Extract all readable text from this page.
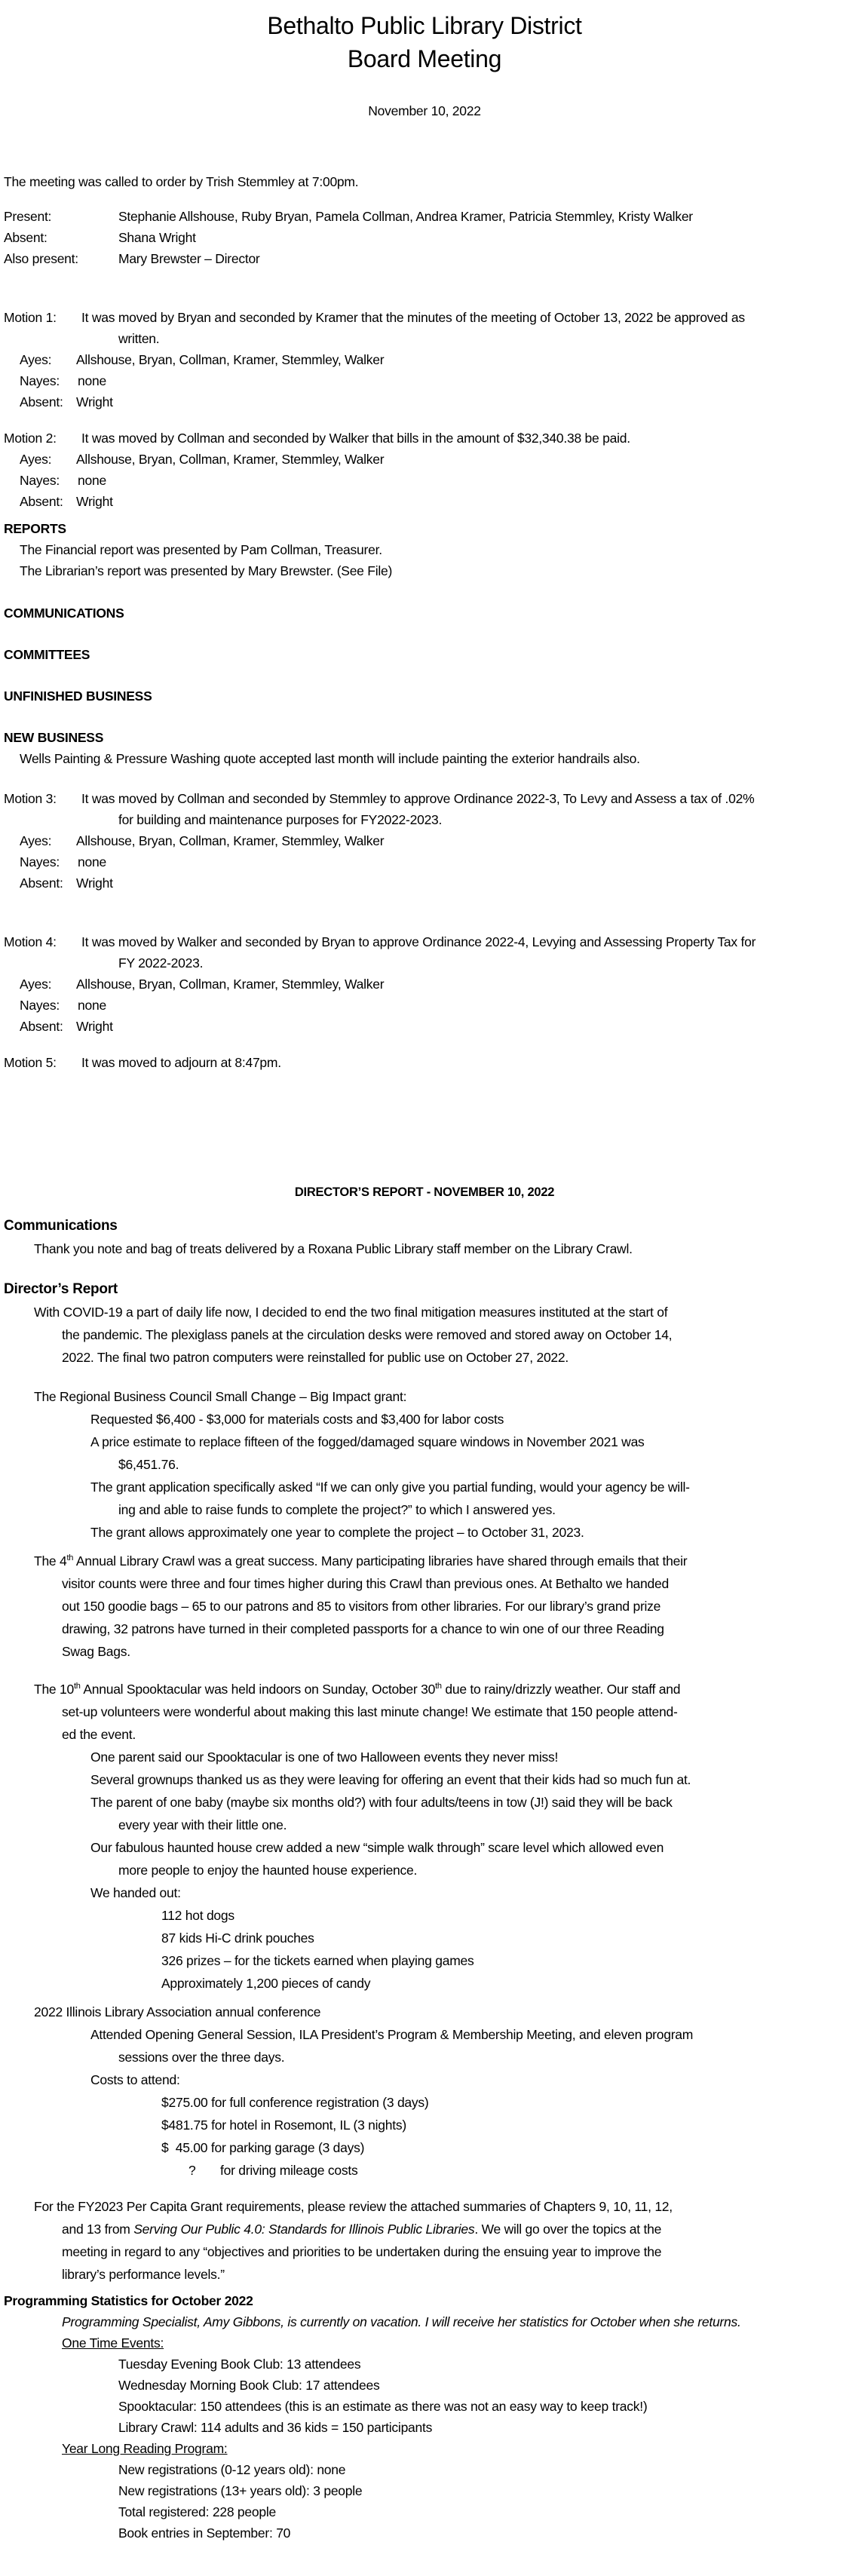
Bethalto Public Library District
Board Meeting
November 10, 2022
The meeting was called to order by Trish Stemmley at 7:00pm.
Present:	Stephanie Allshouse, Ruby Bryan, Pamela Collman, Andrea Kramer, Patricia Stemmley, Kristy Walker
Absent:	Shana Wright
Also present:	Mary Brewster – Director
Motion 1: It was moved by Bryan and seconded by Kramer that the minutes of the meeting of October 13, 2022 be approved as
written.
Ayes: Allshouse, Bryan, Collman, Kramer, Stemmley, Walker
Nayes: none
Absent: Wright
Motion 2: It was moved by Collman and seconded by Walker that bills in the amount of $32,340.38 be paid.
Ayes: Allshouse, Bryan, Collman, Kramer, Stemmley, Walker
Nayes: none
Absent: Wright
REPORTS
The Financial report was presented by Pam Collman, Treasurer.
The Librarian’s report was presented by Mary Brewster. (See File)
COMMUNICATIONS
COMMITTEES
UNFINISHED BUSINESS
NEW BUSINESS
Wells Painting & Pressure Washing quote accepted last month will include painting the exterior handrails also.
Motion 3: It was moved by Collman and seconded by Stemmley to approve Ordinance 2022-3, To Levy and Assess a tax of .02%
for building and maintenance purposes for FY2022-2023.
Ayes: Allshouse, Bryan, Collman, Kramer, Stemmley, Walker
Nayes: none
Absent: Wright
Motion 4: It was moved by Walker and seconded by Bryan to approve Ordinance 2022-4, Levying and Assessing Property Tax for
FY 2022-2023.
Ayes: Allshouse, Bryan, Collman, Kramer, Stemmley, Walker
Nayes: none
Absent: Wright
Motion 5: It was moved to adjourn at 8:47pm.
DIRECTOR’S REPORT - NOVEMBER 10, 2022
Communications
Thank you note and bag of treats delivered by a Roxana Public Library staff member on the Library Crawl.
Director’s Report
With COVID-19 a part of daily life now, I decided to end the two final mitigation measures instituted at the start of
the pandemic. The plexiglass panels at the circulation desks were removed and stored away on October 14,
2022. The final two patron computers were reinstalled for public use on October 27, 2022.
The Regional Business Council Small Change – Big Impact grant:
Requested $6,400 - $3,000 for materials costs and $3,400 for labor costs
A price estimate to replace fifteen of the fogged/damaged square windows in November 2021 was
$6,451.76.
The grant application specifically asked “If we can only give you partial funding, would your agency be will-
ing and able to raise funds to complete the project?” to which I answered yes.
The grant allows approximately one year to complete the project – to October 31, 2023.
The 4th Annual Library Crawl was a great success. Many participating libraries have shared through emails that their
visitor counts were three and four times higher during this Crawl than previous ones. At Bethalto we handed
out 150 goodie bags – 65 to our patrons and 85 to visitors from other libraries. For our library’s grand prize
drawing, 32 patrons have turned in their completed passports for a chance to win one of our three Reading
Swag Bags.
The 10th Annual Spooktacular was held indoors on Sunday, October 30th due to rainy/drizzly weather. Our staff and
set-up volunteers were wonderful about making this last minute change! We estimate that 150 people attend-
ed the event.
One parent said our Spooktacular is one of two Halloween events they never miss!
Several grownups thanked us as they were leaving for offering an event that their kids had so much fun at.
The parent of one baby (maybe six months old?) with four adults/teens in tow (J!) said they will be back
every year with their little one.
Our fabulous haunted house crew added a new “simple walk through” scare level which allowed even
more people to enjoy the haunted house experience.
We handed out:
112 hot dogs
87 kids Hi-C drink pouches
326 prizes – for the tickets earned when playing games
Approximately 1,200 pieces of candy
2022 Illinois Library Association annual conference
Attended Opening General Session, ILA President’s Program & Membership Meeting, and eleven program
sessions over the three days.
Costs to attend:
$275.00 for full conference registration (3 days)
$481.75 for hotel in Rosemont, IL (3 nights)
$  45.00 for parking garage (3 days)
? for driving mileage costs
For the FY2023 Per Capita Grant requirements, please review the attached summaries of Chapters 9, 10, 11, 12,
and 13 from Serving Our Public 4.0: Standards for Illinois Public Libraries. We will go over the topics at the
meeting in regard to any “objectives and priorities to be undertaken during the ensuing year to improve the
library’s performance levels.”
Programming Statistics for October 2022
Programming Specialist, Amy Gibbons, is currently on vacation. I will receive her statistics for October when she returns.
One Time Events:
Tuesday Evening Book Club: 13 attendees
Wednesday Morning Book Club: 17 attendees
Spooktacular: 150 attendees (this is an estimate as there was not an easy way to keep track!)
Library Crawl: 114 adults and 36 kids = 150 participants
Year Long Reading Program:
New registrations (0-12 years old): none
New registrations (13+ years old): 3 people
Total registered: 228 people
Book entries in September: 70
